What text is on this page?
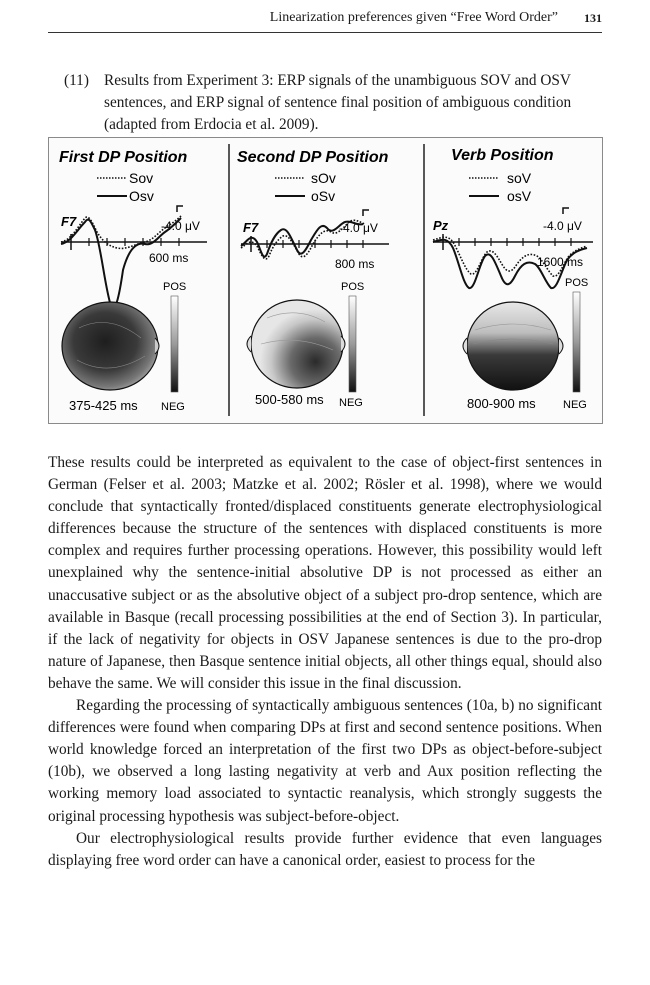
Linearization preferences given “Free Word Order” 131
(11) Results from Experiment 3: ERP signals of the unambiguous SOV and OSV sentences, and ERP signal of sentence final position of ambiguous condition (adapted from Erdocia et al. 2009).
First DP Position
Sov
Osv
F7	-4.0 μV
600 ms
POS
NEG
375-425 ms
Second DP Position
sOv
oSv
F7	-4.0 μV
800 ms
POS
NEG
500-580 ms
Verb Position
soV
osV
Pz	-4.0 μV
1600 ms
POS
NEG
800-900 ms

These results could be interpreted as equivalent to the case of object-first sentences in German (Felser et al. 2003; Matzke et al. 2002; Rösler et al. 1998), where we would conclude that syntactically fronted/displaced constituents generate electrophysiological differences because the structure of the sentences with displaced constituents is more complex and requires further processing operations. However, this possibility would left unexplained why the sentence-initial absolutive DP is not processed as either an unaccusative subject or as the absolutive object of a subject pro-drop sentence, which are available in Basque (recall processing possibilities at the end of Section 3). In particular, if the lack of negativity for objects in OSV Japanese sentences is due to the pro-drop nature of Japanese, then Basque sentence initial objects, all other things equal, should also behave the same. We will consider this issue in the final discussion.

Regarding the processing of syntactically ambiguous sentences (10a, b) no significant differences were found when comparing DPs at first and second sentence positions. When world knowledge forced an interpretation of the first two DPs as object-before-subject (10b), we observed a long lasting negativity at verb and Aux position reflecting the working memory load associated to syntactic reanalysis, which strongly suggests the original processing hypothesis was subject-before-object.

Our electrophysiological results provide further evidence that even languages displaying free word order can have a canonical order, easiest to process for the
